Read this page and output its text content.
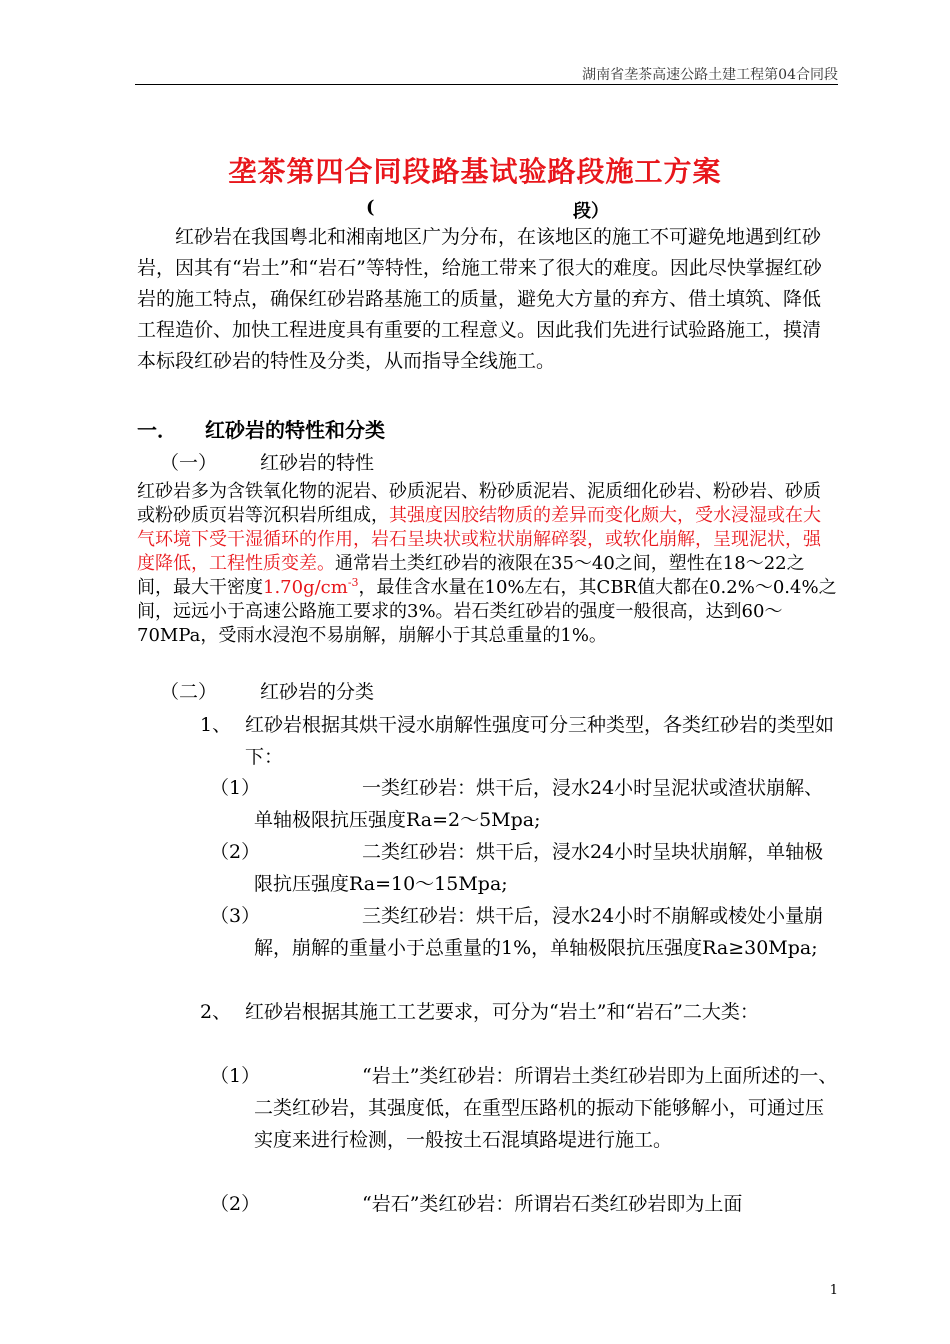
湖南省垄茶高速公路土建工程第04合同段
垄茶第四合同段路基试验路段施工方案
(	段）
红砂岩在我国粤北和湘南地区广为分布，在该地区的施工不可避免地遇到红砂岩，因其有“岩土”和“岩石”等特性，给施工带来了很大的难度。因此尽快掌握红砂岩的施工特点，确保红砂岩路基施工的质量，避免大方量的弃方、借土填筑、降低工程造价、加快工程进度具有重要的工程意义。因此我们先进行试验路施工，摸清本标段红砂岩的特性及分类，从而指导全线施工。
一． 红砂岩的特性和分类
（一） 红砂岩的特性
红砂岩多为含铁氧化物的泥岩、砂质泥岩、粉砂质泥岩、泥质细化砂岩、粉砂岩、砂质或粉砂质页岩等沉积岩所组成，其强度因胶结物质的差异而变化颇大，受水浸湿或在大气环境下受干湿循环的作用，岩石呈块状或粒状崩解碎裂，或软化崩解，呈现泥状，强度降低，工程性质变差。通常岩土类红砂岩的液限在35～40之间，塑性在18～22之间，最大干密度$1.70g/cm^{-3}$，最佳含水量在10%左右，其CBR值大都在0.2%～0.4%之间，远远小于高速公路施工要求的3%。岩石类红砂岩的强度一般很高，达到60～70MPa，受雨水浸泡不易崩解，崩解小于其总重量的1%。
（二） 红砂岩的分类
1、 红砂岩根据其烘干浸水崩解性强度可分三种类型，各类红砂岩的类型如下：
（1）	一类红砂岩：烘干后，浸水24小时呈泥状或渣状崩解、单轴极限抗压强度Ra=2～5Mpa;
（2）	二类红砂岩：烘干后，浸水24小时呈块状崩解，单轴极限抗压强度Ra=10～15Mpa;
（3）	三类红砂岩：烘干后，浸水24小时不崩解或棱处小量崩解，崩解的重量小于总重量的1%，单轴极限抗压强度Ra≥30Mpa;
2、 红砂岩根据其施工工艺要求，可分为“岩土”和“岩石”二大类：
（1）	“岩土”类红砂岩：所谓岩土类红砂岩即为上面所述的一、二类红砂岩，其强度低，在重型压路机的振动下能够解小，可通过压实度来进行检测，一般按土石混填路堤进行施工。
（2）	“岩石”类红砂岩：所谓岩石类红砂岩即为上面
1
